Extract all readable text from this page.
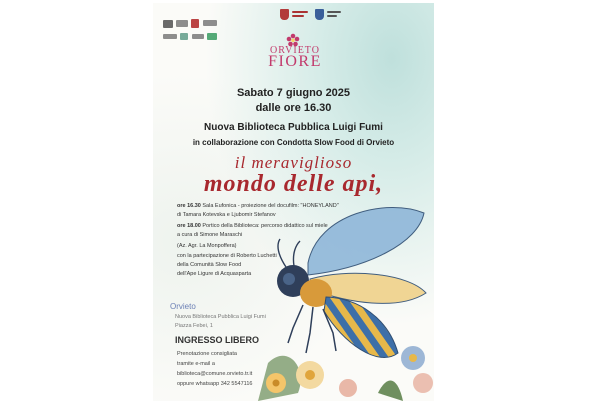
ORVIETO
FIORE
Sabato 7 giugno 2025
dalle ore 16.30
Nuova Biblioteca Pubblica Luigi Fumi
in collaborazione con Condotta Slow Food di Orvieto
il meraviglioso
mondo delle api,
ore 16.30 Sala Eufonica - proiezione del docufilm: "HONEYLAND"
di Tamara Kotevska e Ljubomir Stefanov
ore 18.00 Portico della Biblioteca: percorso didattico sul miele
a cura di Simone Maraschi
(Az. Agr. La Monpoffera)
con la partecipazione di Roberto Luchetti
della Comunità Slow Food
dell'Ape Ligure di Acquasparta
Orvieto
Nuova Biblioteca Pubblica Luigi Fumi
Piazza Febei, 1
INGRESSO LIBERO
Prenotazione consigliata
tramite e-mail a
biblioteca@comune.orvieto.tr.it
oppure whatsapp 342 5547116
